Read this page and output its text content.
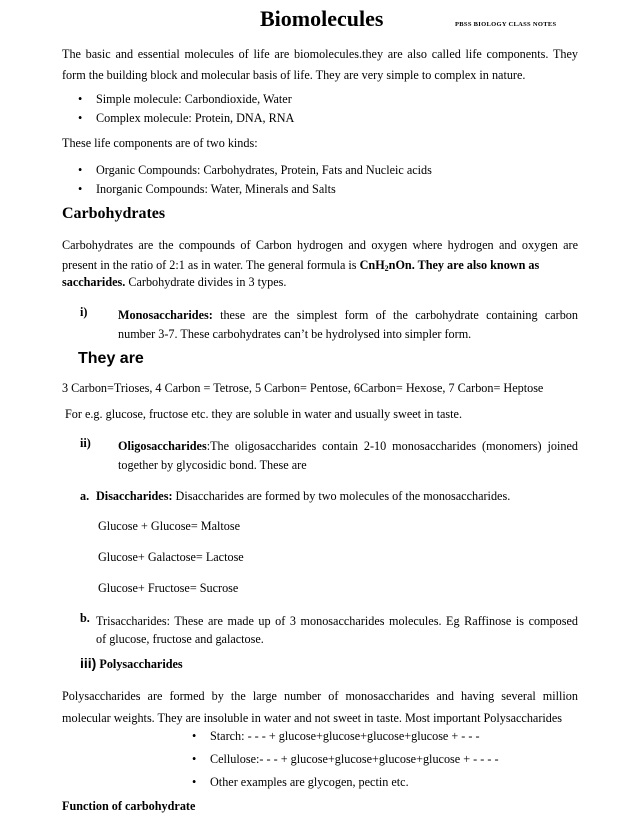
Biomolecules	PBSS BIOLOGY CLASS NOTES
The basic and essential molecules of life are biomolecules.they are also called life components. They
form the building block and molecular basis of life. They are very simple to complex in nature.
• Simple molecule: Carbondioxide, Water
• Complex molecule: Protein, DNA, RNA
These life components are of two kinds:
• Organic Compounds: Carbohydrates, Protein, Fats and Nucleic acids
• Inorganic Compounds: Water, Minerals and Salts
Carbohydrates
Carbohydrates are the compounds of Carbon hydrogen and oxygen where hydrogen and oxygen are
present in the ratio of 2:1 as in water. The general formula is CnH$_2$nOn. They are also known as
saccharides. Carbohydrate divides in 3 types.
i)	Monosaccharides: these are the simplest form of the carbohydrate containing carbon
number 3-7. These carbohydrates can’t be hydrolysed into simpler form.
They are
3 Carbon=Trioses, 4 Carbon = Tetrose, 5 Carbon= Pentose, 6Carbon= Hexose, 7 Carbon= Heptose
For e.g. glucose, fructose etc. they are soluble in water and usually sweet in taste.
ii) Oligosaccharides:The oligosaccharides contain 2-10 monosaccharides (monomers) joined
together by glycosidic bond. These are
a. Disaccharides: Disaccharides are formed by two molecules of the monosaccharides.
Glucose + Glucose= Maltose
Glucose+ Galactose= Lactose
Glucose+ Fructose= Sucrose
b. Trisaccharides: These are made up of 3 monosaccharides molecules. Eg Raffinose is composed
of glucose, fructose and galactose.
iii) Polysaccharides
Polysaccharides are formed by the large number of monosaccharides and having several million
molecular weights. They are insoluble in water and not sweet in taste. Most important Polysaccharides
• Starch: - - - + glucose+glucose+glucose+glucose + - - -
• Cellulose:- - - + glucose+glucose+glucose+glucose + - - - -
• Other examples are glycogen, pectin etc.
Function of carbohydrate
